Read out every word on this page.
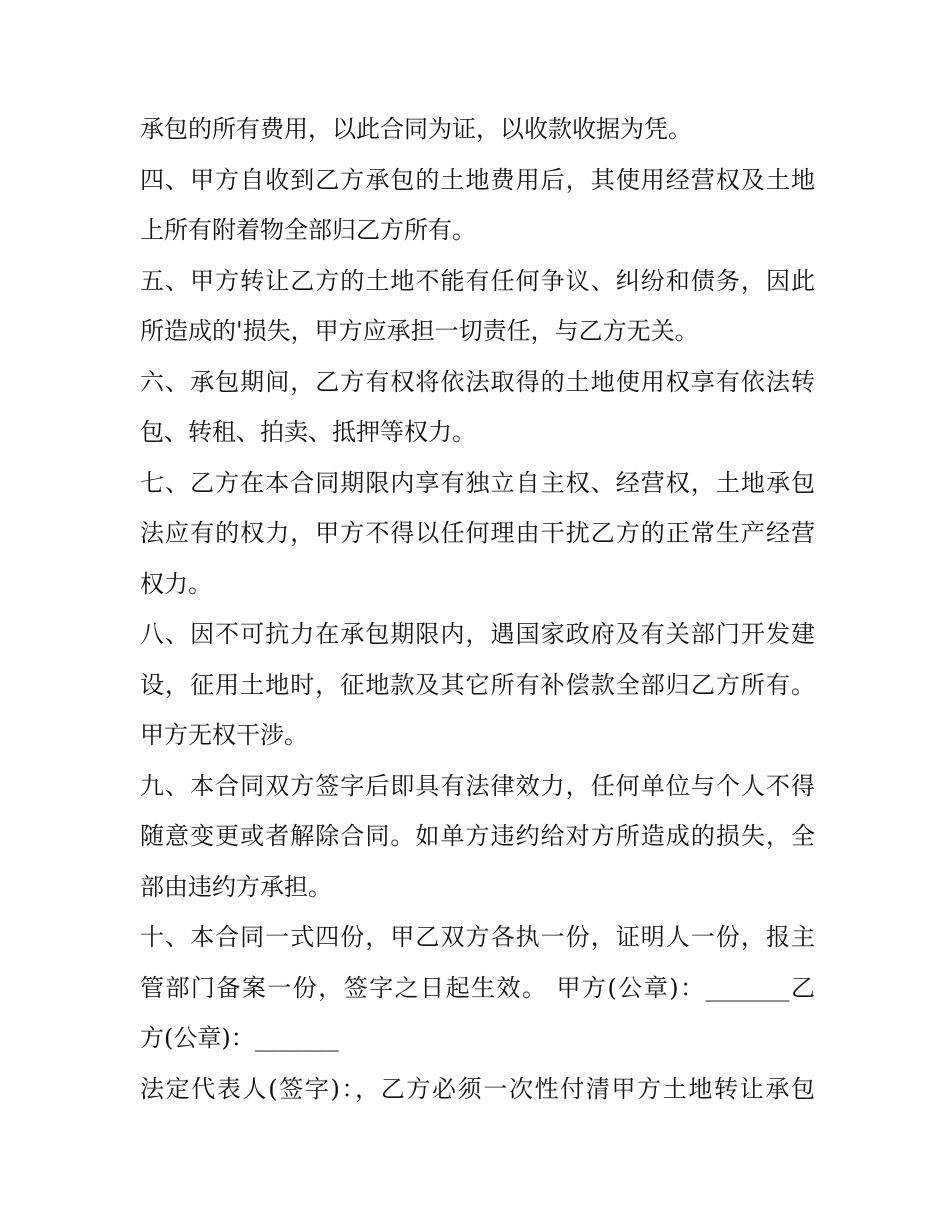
承包的所有费用，以此合同为证，以收款收据为凭。
四、甲方自收到乙方承包的土地费用后，其使用经营权及土地
上所有附着物全部归乙方所有。
五、甲方转让乙方的土地不能有任何争议、纠纷和债务，因此
所造成的'损失，甲方应承担一切责任，与乙方无关。
六、承包期间，乙方有权将依法取得的土地使用权享有依法转
包、转租、拍卖、抵押等权力。
七、乙方在本合同期限内享有独立自主权、经营权，土地承包
法应有的权力，甲方不得以任何理由干扰乙方的正常生产经营
权力。
八、因不可抗力在承包期限内，遇国家政府及有关部门开发建
设，征用土地时，征地款及其它所有补偿款全部归乙方所有。
甲方无权干涉。
九、本合同双方签字后即具有法律效力，任何单位与个人不得
随意变更或者解除合同。如单方违约给对方所造成的损失，全
部由违约方承担。
十、本合同一式四份，甲乙双方各执一份，证明人一份，报主
管部门备案一份，签字之日起生效。 甲方(公章)：_______乙
方(公章)：_______
法定代表人(签字)：，乙方必须一次性付清甲方土地转让承包
